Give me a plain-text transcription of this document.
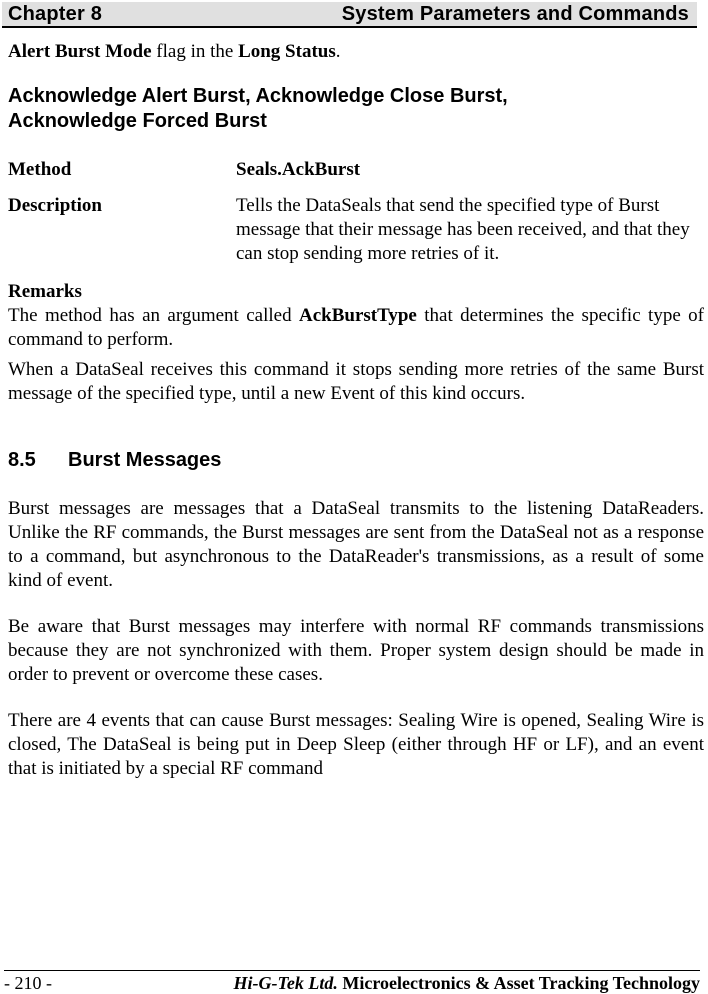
Chapter 8	System Parameters and Commands

Alert Burst Mode flag in the Long Status.

Acknowledge Alert Burst, Acknowledge Close Burst,
Acknowledge Forced Burst
Method	Seals.AckBurst
Description	Tells the DataSeals that send the specified type of Burst message that their message has been received, and that they can stop sending more retries of it.

Remarks

The method has an argument called AckBurstType that determines the specific type of command to perform.

When a DataSeal receives this command it stops sending more retries of the same Burst message of the specified type, until a new Event of this kind occurs.

8.5	Burst Messages

Burst messages are messages that a DataSeal transmits to the listening DataReaders. Unlike the RF commands, the Burst messages are sent from the DataSeal not as a response to a command, but asynchronous to the DataReader's transmissions, as a result of some kind of event.

Be aware that Burst messages may interfere with normal RF commands transmissions because they are not synchronized with them. Proper system design should be made in order to prevent or overcome these cases.

There are 4 events that can cause Burst messages: Sealing Wire is opened, Sealing Wire is closed, The DataSeal is being put in Deep Sleep (either through HF or LF), and an event that is initiated by a special RF command

- 210 -	Hi-G-Tek Ltd. Microelectronics & Asset Tracking Technology
